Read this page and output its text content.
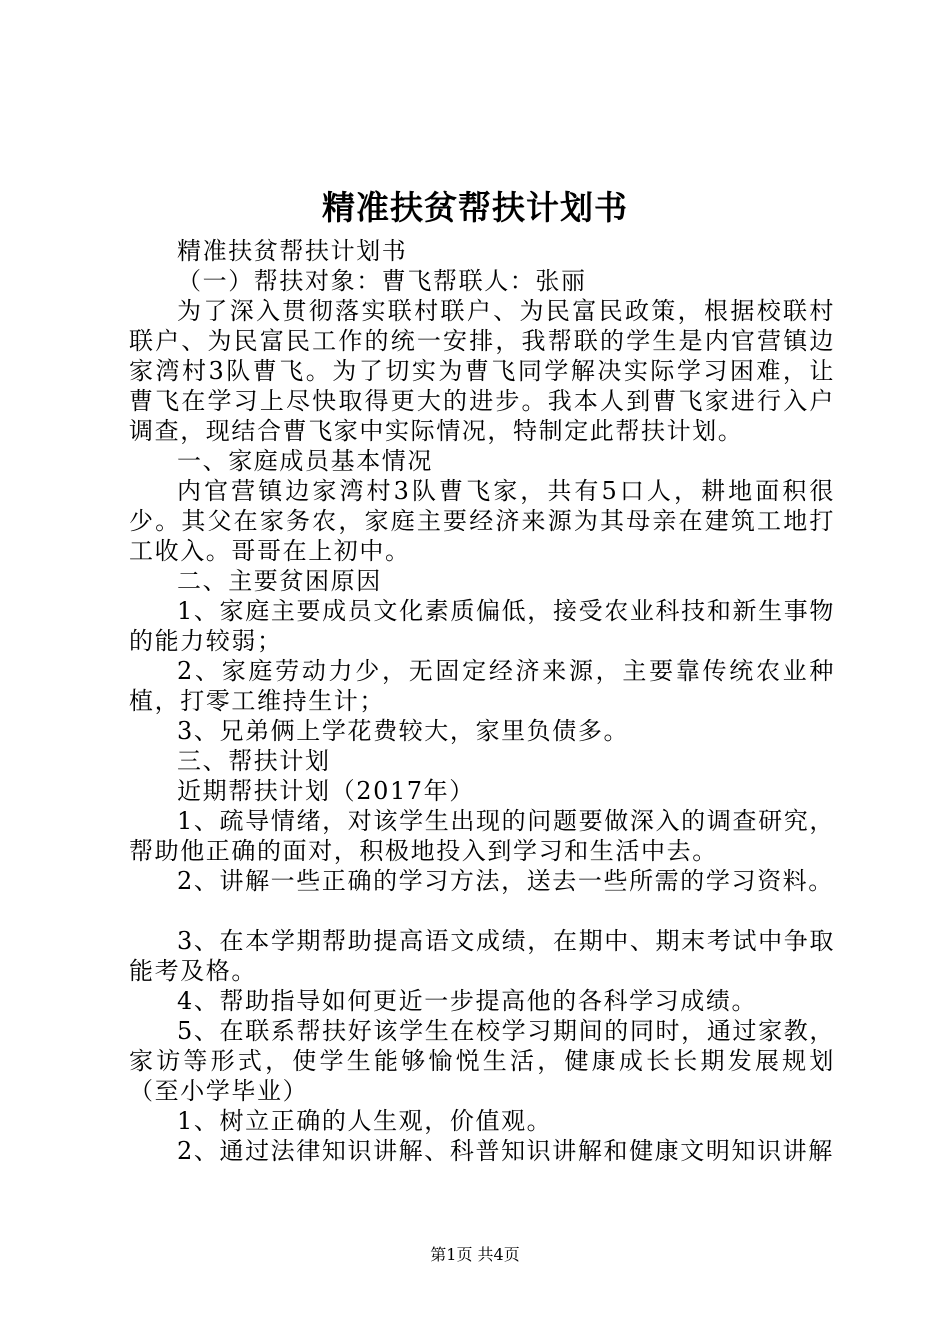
精准扶贫帮扶计划书

精准扶贫帮扶计划书

（一）帮扶对象：曹飞帮联人：张丽

为了深入贯彻落实联村联户、为民富民政策，根据校联村联户、为民富民工作的统一安排，我帮联的学生是内官营镇边家湾村3队曹飞。为了切实为曹飞同学解决实际学习困难，让曹飞在学习上尽快取得更大的进步。我本人到曹飞家进行入户调查，现结合曹飞家中实际情况，特制定此帮扶计划。

一、家庭成员基本情况

内官营镇边家湾村3队曹飞家，共有5口人，耕地面积很少。其父在家务农，家庭主要经济来源为其母亲在建筑工地打工收入。哥哥在上初中。

二、主要贫困原因

1、家庭主要成员文化素质偏低，接受农业科技和新生事物的能力较弱；

2、家庭劳动力少，无固定经济来源，主要靠传统农业种植，打零工维持生计；

3、兄弟俩上学花费较大，家里负债多。

三、帮扶计划

近期帮扶计划（2017年）

1、疏导情绪，对该学生出现的问题要做深入的调查研究，帮助他正确的面对，积极地投入到学习和生活中去。

2、讲解一些正确的学习方法，送去一些所需的学习资料。

3、在本学期帮助提高语文成绩，在期中、期末考试中争取能考及格。

4、帮助指导如何更近一步提高他的各科学习成绩。

5、在联系帮扶好该学生在校学习期间的同时，通过家教，家访等形式，使学生能够愉悦生活，健康成长长期发展规划（至小学毕业）

1、树立正确的人生观，价值观。

2、通过法律知识讲解、科普知识讲解和健康文明知识讲解

第1页 共4页
